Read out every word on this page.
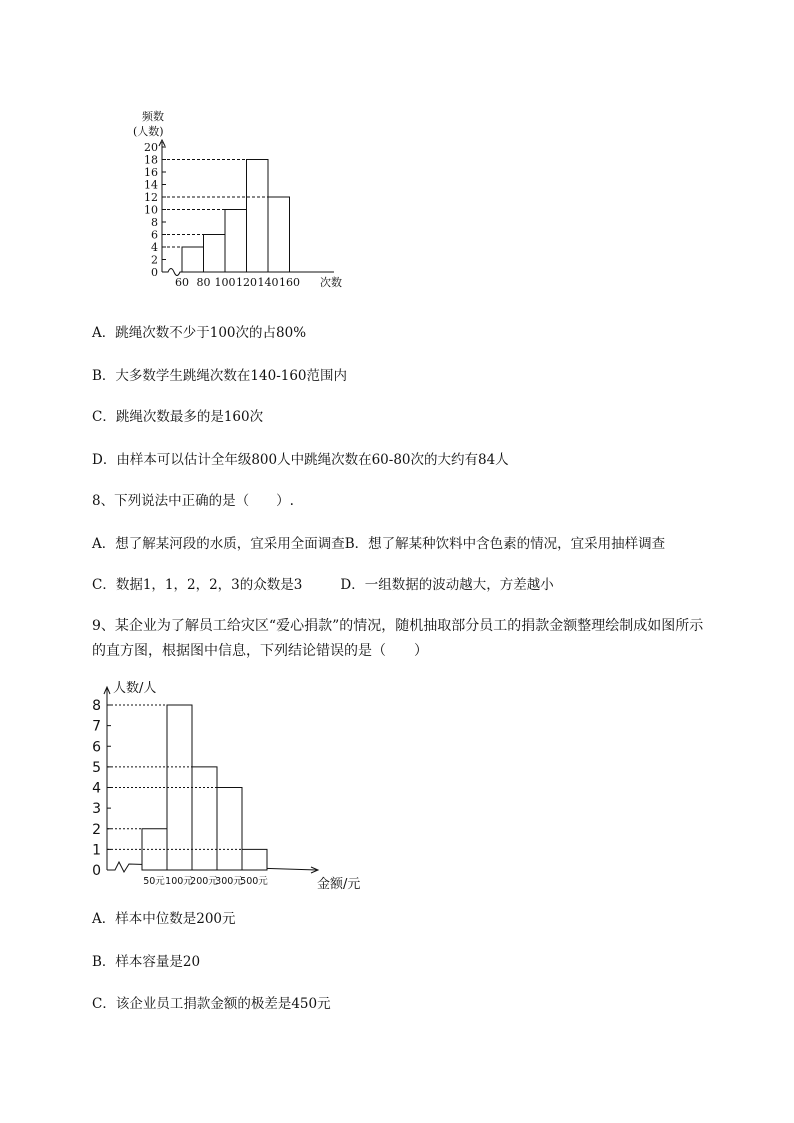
频数
(人数)
0
2
4
6
8
10
12
14
16
18
20
60 80 100 120 140 160 次数
人数/人
金额/元
0
1
2
3
4
5
6
7
8
50元 100元
200元
300元
500元
A．跳绳次数不少于100次的占80%
B．大多数学生跳绳次数在140-160范围内
C．跳绳次数最多的是160次
D．由样本可以估计全年级800人中跳绳次数在60-80次的大约有84人
8、下列说法中正确的是（　　）.
A．想了解某河段的水质，宜采用全面调查B．想了解某种饮料中含色素的情况，宜采用抽样调查
C．数据1，1，2，2，3的众数是3	D．一组数据的波动越大，方差越小
9、某企业为了解员工给灾区“爱心捐款”的情况，随机抽取部分员工的捐款金额整理绘制成如图所示的直方图，根据图中信息，下列结论错误的是（　　）
A．样本中位数是200元
B．样本容量是20
C．该企业员工捐款金额的极差是450元
